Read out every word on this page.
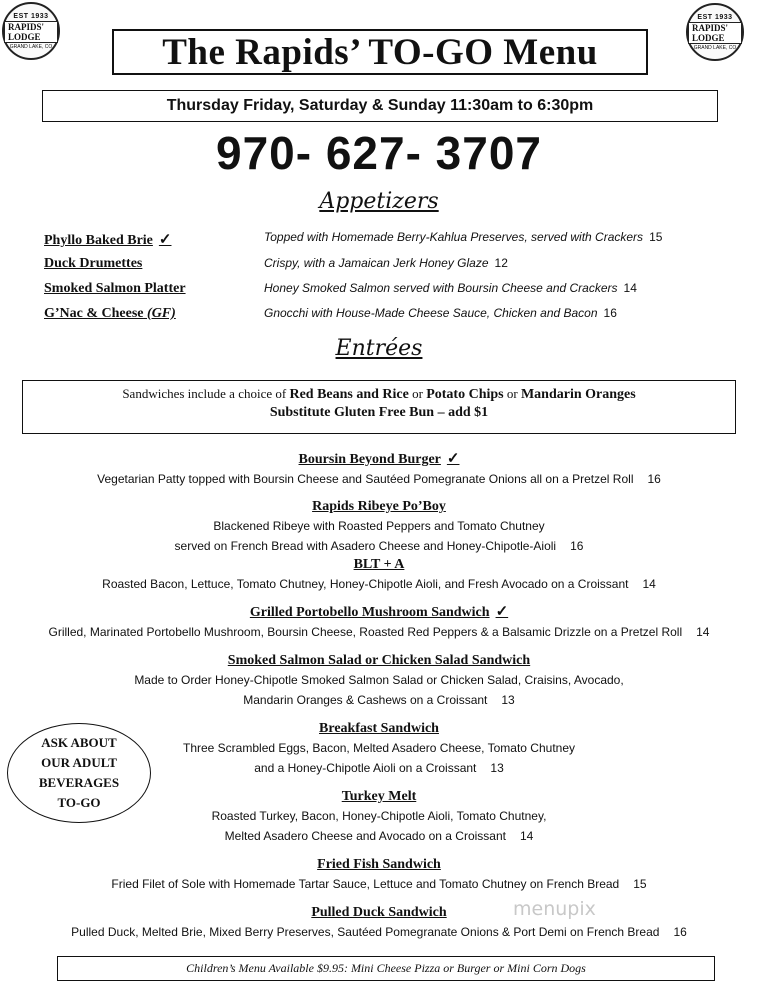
EST 1933
RAPIDS' LODGE
GRAND LAKE, CO
EST 1933
RAPIDS' LODGE
GRAND LAKE, CO
The Rapids’ TO-GO Menu
Thursday Friday, Saturday & Sunday 11:30am to 6:30pm
970- 627- 3707
Appetizers
Phyllo Baked Brie ✓	Topped with Homemade Berry-Kahlua Preserves, served with Crackers 15
Duck Drumettes	Crispy, with a Jamaican Jerk Honey Glaze 12
Smoked Salmon Platter	Honey Smoked Salmon served with Boursin Cheese and Crackers 14
G’Nac & Cheese (GF)	Gnocchi with House-Made Cheese Sauce, Chicken and Bacon 16
Entrées
Sandwiches include a choice of Red Beans and Rice or Potato Chips or Mandarin Oranges
Substitute Gluten Free Bun – add $1
Boursin Beyond Burger ✓
Vegetarian Patty topped with Boursin Cheese and Sautéed Pomegranate Onions all on a Pretzel Roll 16
Rapids Ribeye Po’Boy
Blackened Ribeye with Roasted Peppers and Tomato Chutney
served on French Bread with Asadero Cheese and Honey-Chipotle-Aioli 16
BLT + A
Roasted Bacon, Lettuce, Tomato Chutney, Honey-Chipotle Aioli, and Fresh Avocado on a Croissant 14
Grilled Portobello Mushroom Sandwich ✓
Grilled, Marinated Portobello Mushroom, Boursin Cheese, Roasted Red Peppers & a Balsamic Drizzle on a Pretzel Roll 14
Smoked Salmon Salad or Chicken Salad Sandwich
Made to Order Honey-Chipotle Smoked Salmon Salad or Chicken Salad, Craisins, Avocado,
Mandarin Oranges & Cashews on a Croissant 13
Breakfast Sandwich
Three Scrambled Eggs, Bacon, Melted Asadero Cheese, Tomato Chutney
and a Honey-Chipotle Aioli on a Croissant 13
Turkey Melt
Roasted Turkey, Bacon, Honey-Chipotle Aioli, Tomato Chutney,
Melted Asadero Cheese and Avocado on a Croissant 14
Fried Fish Sandwich
Fried Filet of Sole with Homemade Tartar Sauce, Lettuce and Tomato Chutney on French Bread 15
Pulled Duck Sandwich
Pulled Duck, Melted Brie, Mixed Berry Preserves, Sautéed Pomegranate Onions & Port Demi on French Bread 16
ASK ABOUT
OUR ADULT
BEVERAGES
TO-GO
menupix
Children’s Menu Available $9.95: Mini Cheese Pizza or Burger or Mini Corn Dogs
